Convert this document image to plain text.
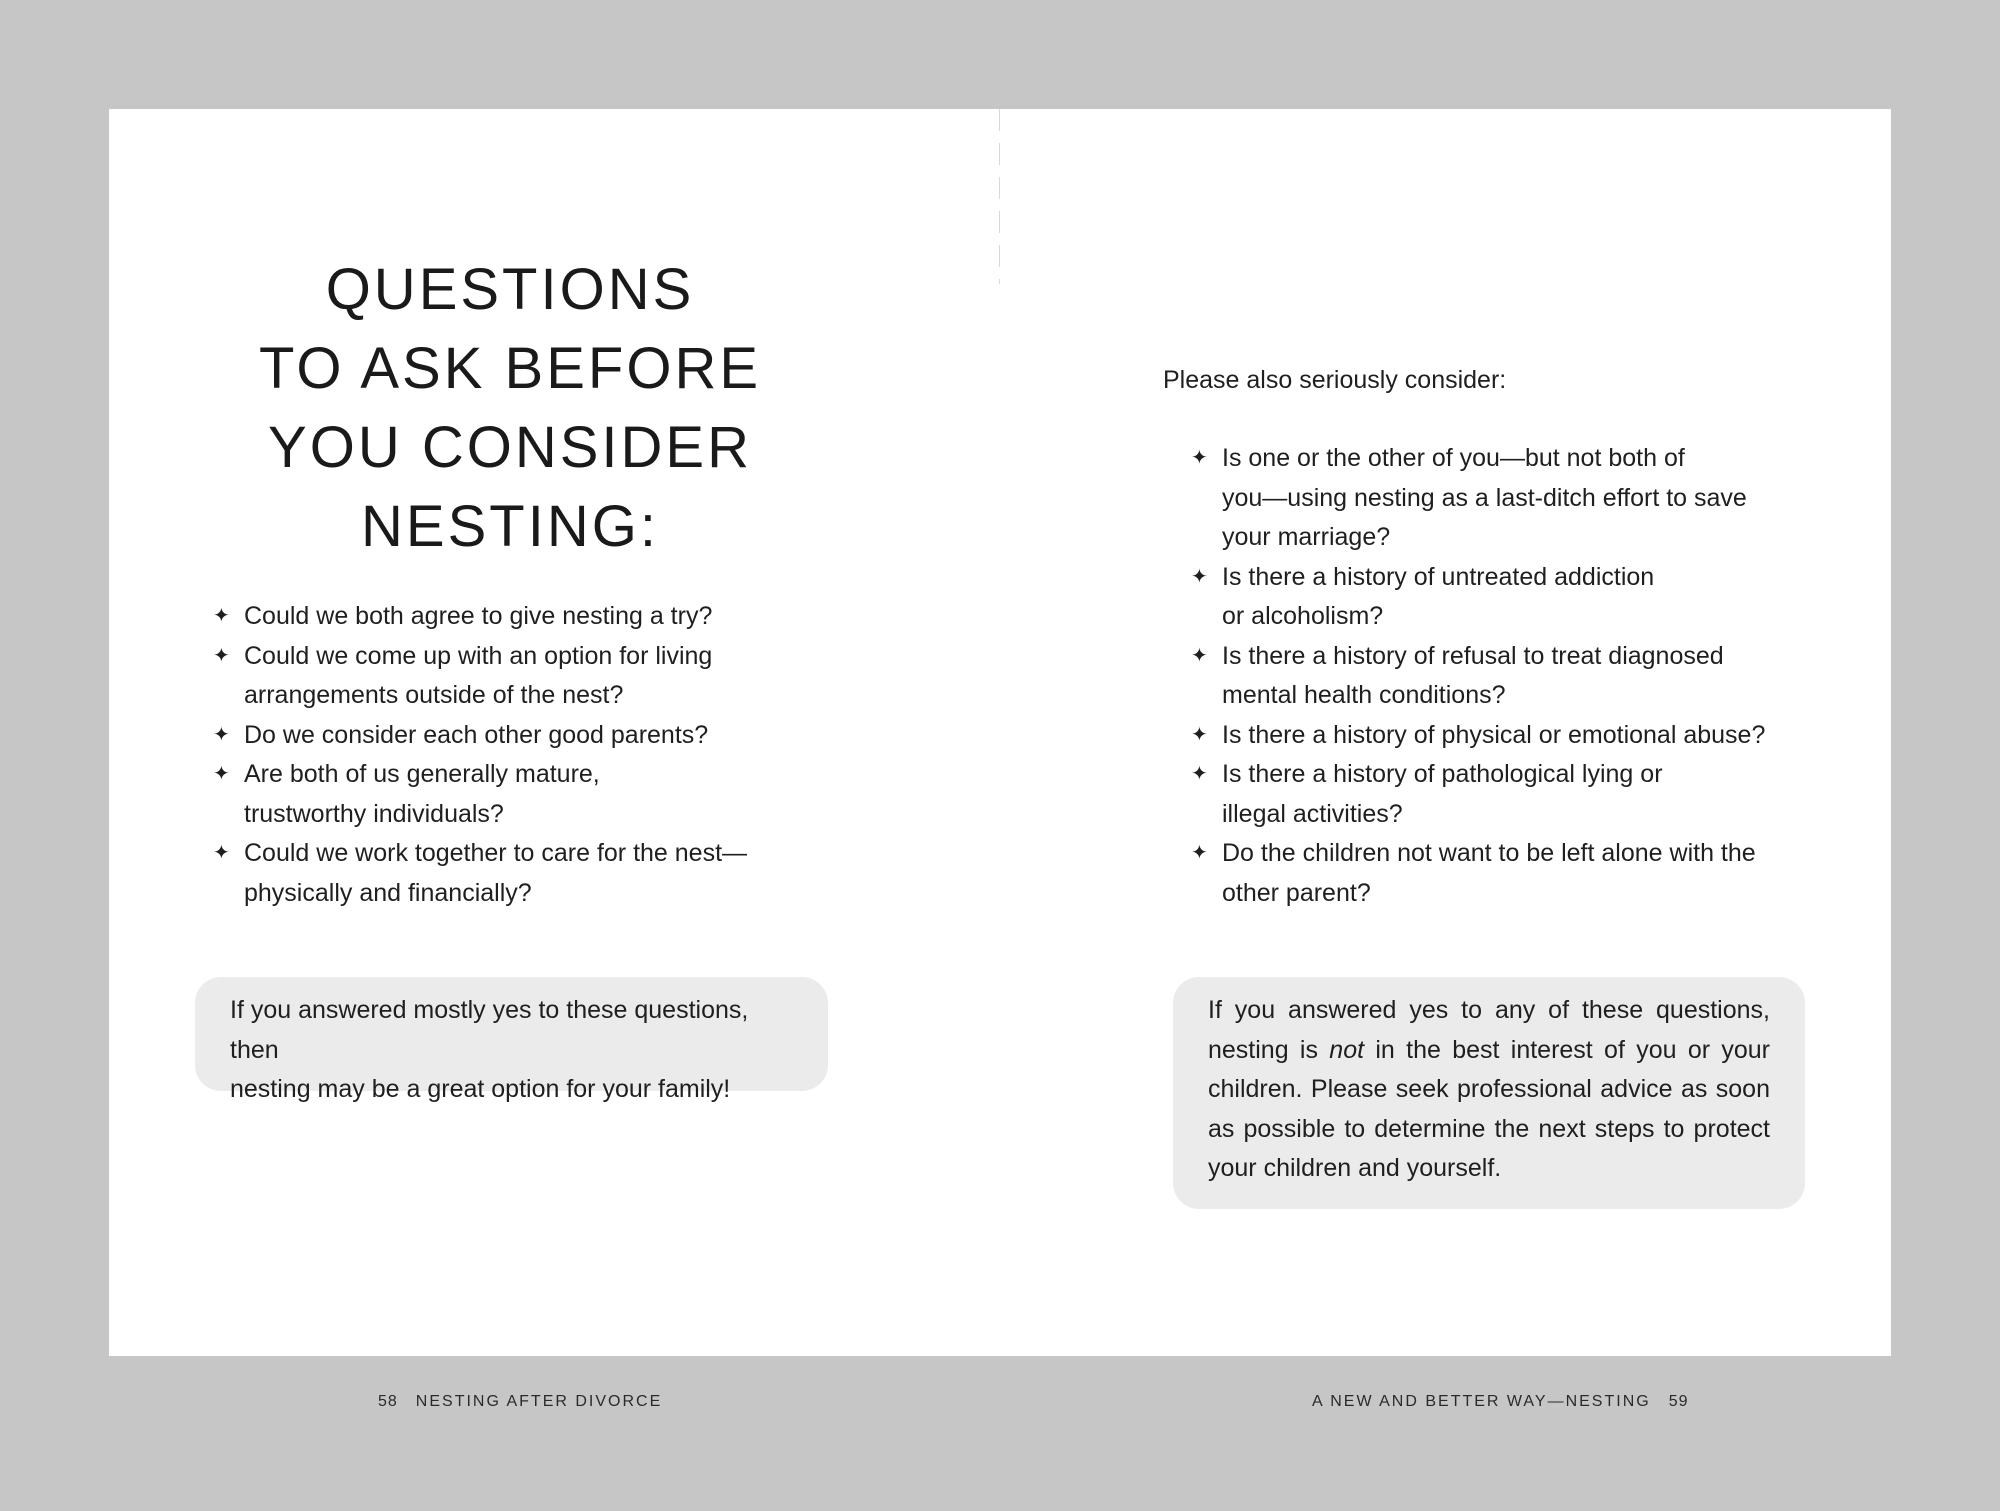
QUESTIONS
TO ASK BEFORE
YOU CONSIDER
NESTING:
✦ Could we both agree to give nesting a try?
✦ Could we come up with an option for living
arrangements outside of the nest?
✦ Do we consider each other good parents?
✦ Are both of us generally mature,
trustworthy individuals?
✦ Could we work together to care for the nest—
physically and financially?

If you answered mostly yes to these questions, then
nesting may be a great option for your family!

58 NESTING AFTER DIVORCE

Please also seriously consider:

✦ Is one or the other of you—but not both of
you—using nesting as a last-ditch effort to save
your marriage?
✦ Is there a history of untreated addiction
or alcoholism?
✦ Is there a history of refusal to treat diagnosed
mental health conditions?
✦ Is there a history of physical or emotional abuse?
✦ Is there a history of pathological lying or
illegal activities?
✦ Do the children not want to be left alone with the
other parent?

If you answered yes to any of these questions, nesting is not in the best interest of you or your children. Please seek professional advice as soon as possible to determine the next steps to protect your children and yourself.

A NEW AND BETTER WAY—NESTING 59
